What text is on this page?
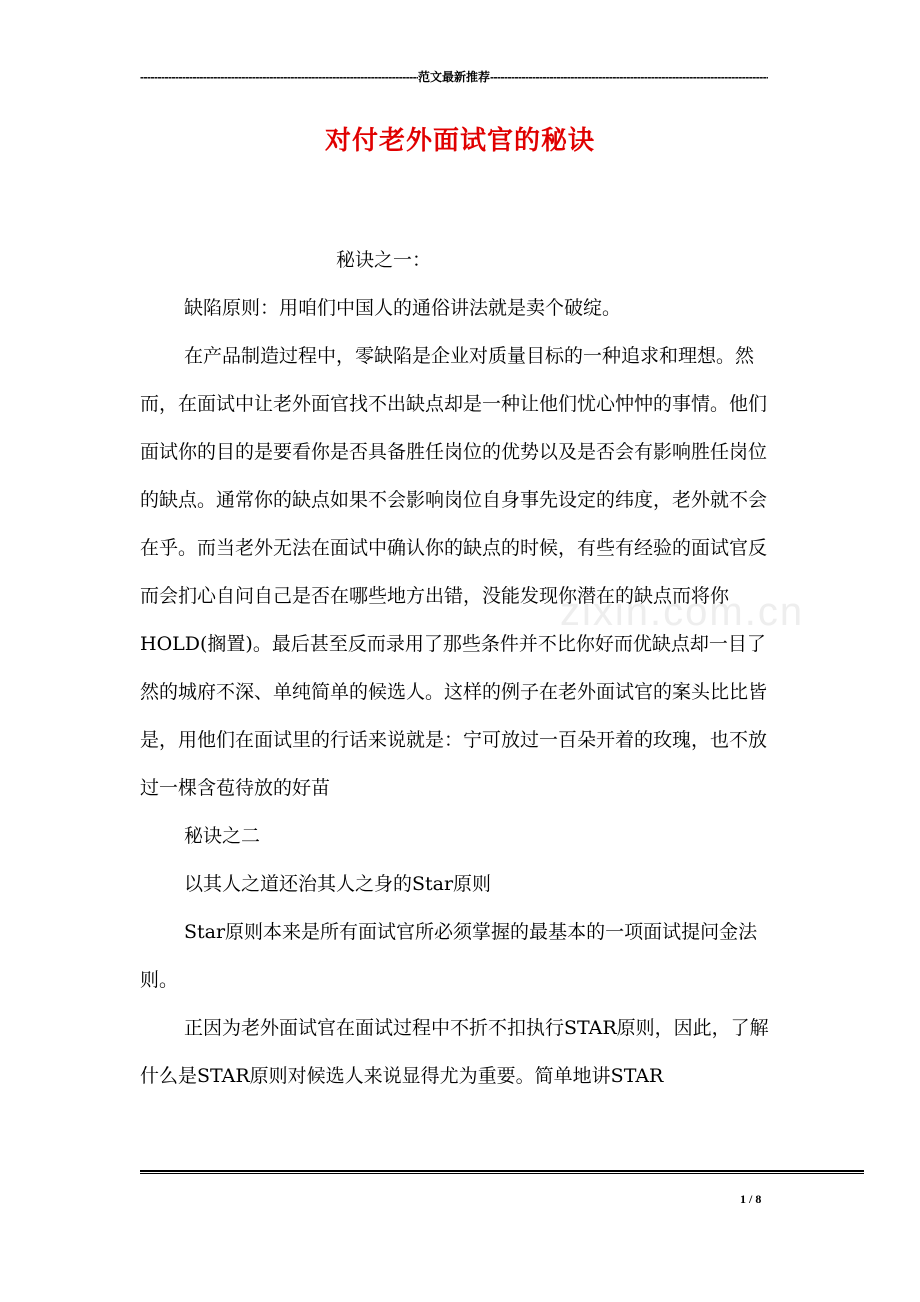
-----
范文最新推荐
-----
对付老外面试官的秘诀
zixin.com.cn

秘诀之一：

缺陷原则：用咱们中国人的通俗讲法就是卖个破绽。

在产品制造过程中，零缺陷是企业对质量目标的一种追求和理想。然而，在面试中让老外面官找不出缺点却是一种让他们忧心忡忡的事情。他们面试你的目的是要看你是否具备胜任岗位的优势以及是否会有影响胜任岗位的缺点。通常你的缺点如果不会影响岗位自身事先设定的纬度，老外就不会在乎。而当老外无法在面试中确认你的缺点的时候，有些有经验的面试官反而会扪心自问自己是否在哪些地方出错，没能发现你潜在的缺点而将你HOLD(搁置)。最后甚至反而录用了那些条件并不比你好而优缺点却一目了然的城府不深、单纯简单的候选人。这样的例子在老外面试官的案头比比皆是，用他们在面试里的行话来说就是：宁可放过一百朵开着的玫瑰，也不放过一棵含苞待放的好苗

秘诀之二

以其人之道还治其人之身的Star原则

Star原则本来是所有面试官所必须掌握的最基本的一项面试提问金法则。

正因为老外面试官在面试过程中不折不扣执行STAR原则，因此，了解什么是STAR原则对候选人来说显得尤为重要。简单地讲STAR

1 / 8
